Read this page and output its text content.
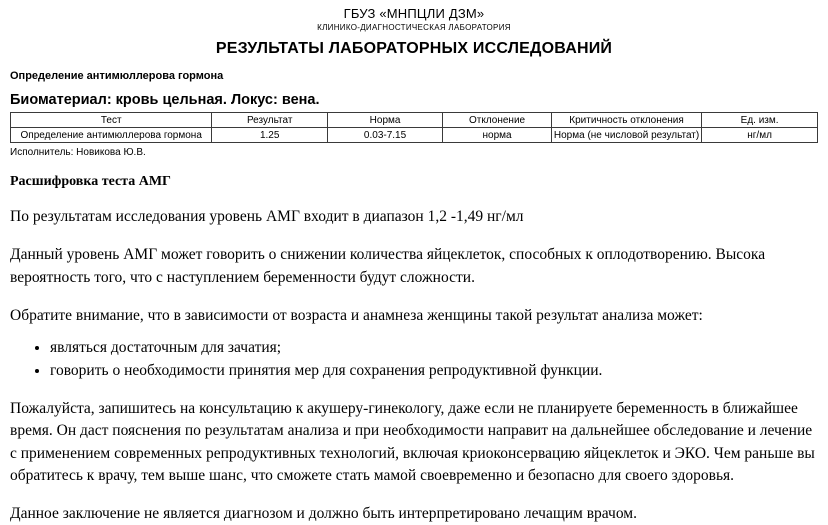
ГБУЗ «МНПЦЛИ ДЗМ»
КЛИНИКО-ДИАГНОСТИЧЕСКАЯ ЛАБОРАТОРИЯ
РЕЗУЛЬТАТЫ ЛАБОРАТОРНЫХ ИССЛЕДОВАНИЙ
Определение антимюллерова гормона
Биоматериал: кровь цельная. Локус: вена.
Тест	Результат	Норма	Отклонение	Критичность отклонения	Ед. изм.
Определение антимюллерова гормона	1.25	0.03-7.15	норма	Норма (не числовой результат)	нг/мл
Исполнитель: Новикова Ю.В.
Расшифровка теста АМГ
По результатам исследования уровень АМГ входит в диапазон 1,2 -1,49 нг/мл
Данный уровень АМГ может говорить о снижении количества яйцеклеток, способных к оплодотворению. Высока вероятность того, что с наступлением беременности будут сложности.
Обратите внимание, что в зависимости от возраста и анамнеза женщины такой результат анализа может:
• являться достаточным для зачатия;
• говорить о необходимости принятия мер для сохранения репродуктивной функции.
Пожалуйста, запишитесь на консультацию к акушеру-гинекологу, даже если не планируете беременность в ближайшее время. Он даст пояснения по результатам анализа и при необходимости направит на дальнейшее обследование и лечение с применением современных репродуктивных технологий, включая криоконсервацию яйцеклеток и ЭКО. Чем раньше вы обратитесь к врачу, тем выше шанс, что сможете стать мамой своевременно и безопасно для своего здоровья.
Данное заключение не является диагнозом и должно быть интерпретировано лечащим врачом.
